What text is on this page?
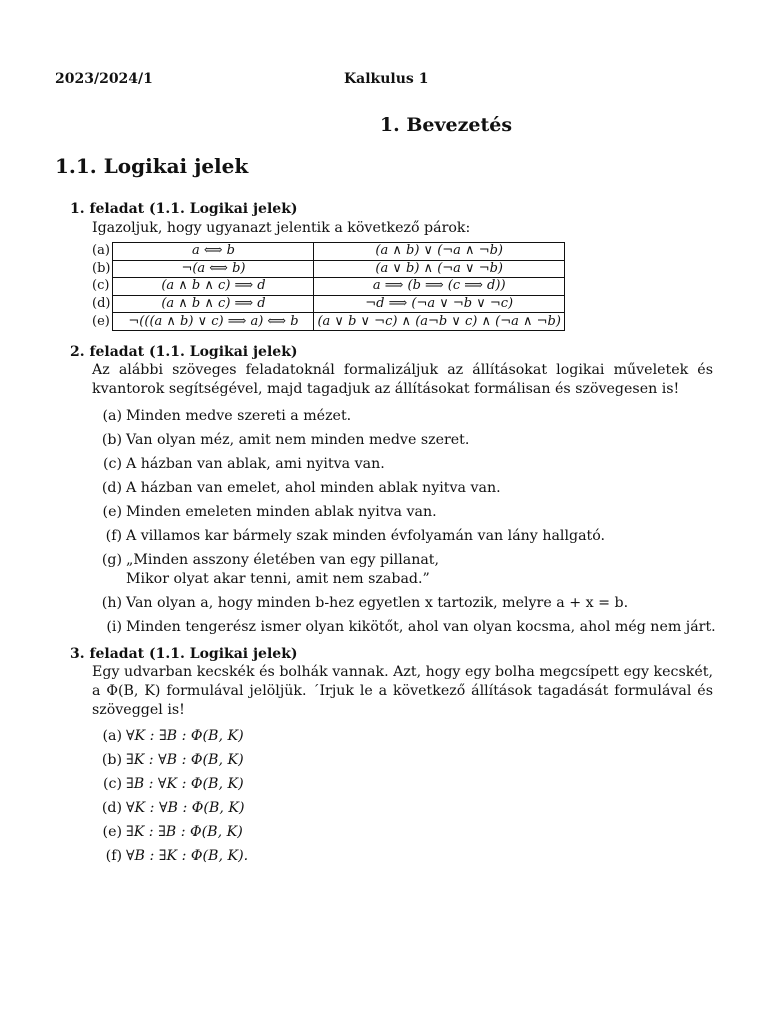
2023/2024/1	Kalkulus 1
1. Bevezetés
1.1. Logikai jelek
1. feladat (1.1. Logikai jelek)
Igazoljuk, hogy ugyanazt jelentik a következő párok:
(a)	a ⟺ b	(a ∧ b) ∨ (¬a ∧ ¬b)
(b)	¬(a ⟺ b)	(a ∨ b) ∧ (¬a ∨ ¬b)
(c)	(a ∧ b ∧ c) ⟹ d	a ⟹ (b ⟹ (c ⟹ d))
(d)	(a ∧ b ∧ c) ⟹ d	¬d ⟹ (¬a ∨ ¬b ∨ ¬c)
(e)	¬(((a ∧ b) ∨ c) ⟹ a) ⟺ b	(a ∨ b ∨ ¬c) ∧ (a¬b ∨ c) ∧ (¬a ∧ ¬b)
2. feladat (1.1. Logikai jelek)
Az alábbi szöveges feladatoknál formalizáljuk az állításokat logikai műveletek és kvantorok segítségével, majd tagadjuk az állításokat formálisan és szövegesen is!
(a) Minden medve szereti a mézet.
(b) Van olyan méz, amit nem minden medve szeret.
(c) A házban van ablak, ami nyitva van.
(d) A házban van emelet, ahol minden ablak nyitva van.
(e) Minden emeleten minden ablak nyitva van.
(f) A villamos kar bármely szak minden évfolyamán van lány hallgató.
(g) „Minden asszony életében van egy pillanat,
Mikor olyat akar tenni, amit nem szabad.”
(h) Van olyan a, hogy minden b-hez egyetlen x tartozik, melyre a + x = b.
(i) Minden tengerész ismer olyan kikötőt, ahol van olyan kocsma, ahol még nem járt.
3. feladat (1.1. Logikai jelek)
Egy udvarban kecskék és bolhák vannak. Azt, hogy egy bolha megcsípett egy kecskét, a Φ(B, K) formulával jelöljük. ´Irjuk le a következő állítások tagadását formulával és szöveggel is!
(a) ∀K : ∃B : Φ(B, K)
(b) ∃K : ∀B : Φ(B, K)
(c) ∃B : ∀K : Φ(B, K)
(d) ∀K : ∀B : Φ(B, K)
(e) ∃K : ∃B : Φ(B, K)
(f) ∀B : ∃K : Φ(B, K).
